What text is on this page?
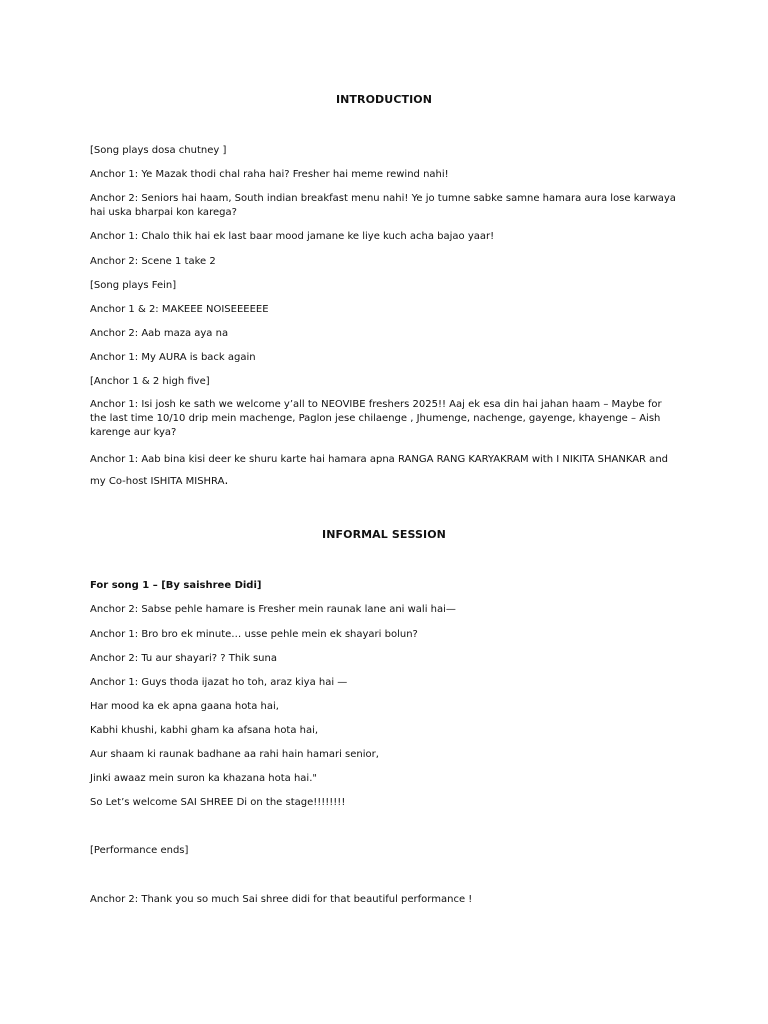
INTRODUCTION
[Song plays dosa chutney ]
Anchor 1: Ye Mazak thodi chal raha hai? Fresher hai meme rewind nahi!
Anchor 2: Seniors hai haam, South indian breakfast menu nahi! Ye jo tumne sabke samne hamara aura lose karwaya hai uska bharpai kon karega?
Anchor 1: Chalo thik hai ek last baar mood jamane ke liye kuch acha bajao yaar!
Anchor 2: Scene 1 take 2
[Song plays Fein]
Anchor 1 & 2: MAKEEE NOISEEEEEE
Anchor 2: Aab maza aya na
Anchor 1: My AURA is back again
[Anchor 1 & 2 high five]
Anchor 1: Isi josh ke sath we welcome y’all to NEOVIBE freshers 2025!! Aaj ek esa din hai jahan haam – Maybe for the last time 10/10 drip mein machenge, Paglon jese chilaenge , Jhumenge, nachenge, gayenge, khayenge – Aish karenge aur kya?
Anchor 1: Aab bina kisi deer ke shuru karte hai hamara apna RANGA RANG KARYAKRAM with I NIKITA SHANKAR and my Co-host ISHITA MISHRA.
INFORMAL SESSION
For song 1 – [By saishree Didi]
Anchor 2: Sabse pehle hamare is Fresher mein raunak lane ani wali hai—
Anchor 1: Bro bro ek minute… usse pehle mein ek shayari bolun?
Anchor 2: Tu aur shayari? ? Thik suna
Anchor 1: Guys thoda ijazat ho toh, araz kiya hai —
Har mood ka ek apna gaana hota hai,
Kabhi khushi, kabhi gham ka afsana hota hai,
Aur shaam ki raunak badhane aa rahi hain hamari senior,
Jinki awaaz mein suron ka khazana hota hai."
So Let’s welcome SAI SHREE Di on the stage!!!!!!!!
[Performance ends]
Anchor 2: Thank you so much Sai shree didi for that beautiful performance !
